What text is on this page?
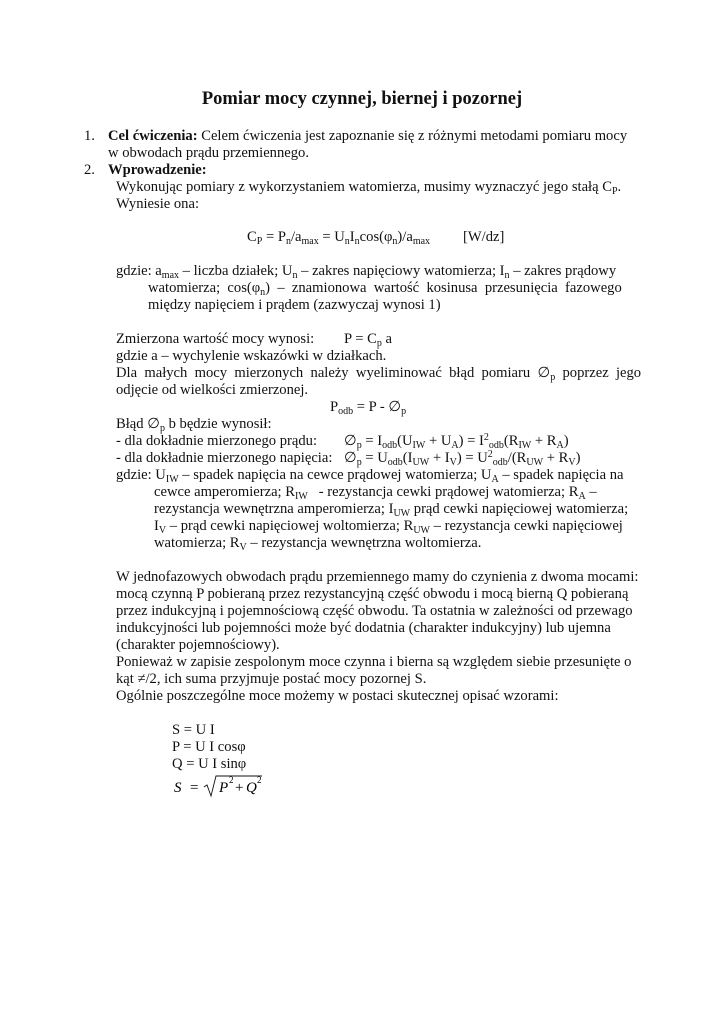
Pomiar mocy czynnej, biernej i pozornej
1. Cel ćwiczenia: Celem ćwiczenia jest zapoznanie się z różnymi metodami pomiaru mocy
w obwodach prądu przemiennego.
2. Wprowadzenie:
Wykonując pomiary z wykorzystaniem watomierza, musimy wyznaczyć jego stałą $C_P$.
Wyniesie ona:
$C_P = P_n/a_{max} = U_nI_n\cos(\varphi_n)/a_{max}$ [W/dz]
gdzie: $a_{max}$ – liczba działek; $U_n$ – zakres napięciowy watomierza; $I_n$ – zakres prądowy
watomierza;  $\cos(\varphi_n)$  –  znamionowa  wartość  kosinusa  przesunięcia  fazowego
między napięciem i prądem (zazwyczaj wynosi 1)
Zmierzona wartość mocy wynosi: $P = C_p$ a
gdzie a – wychylenie wskazówki w działkach.
Dla  małych  mocy  mierzonych  należy  wyeliminować  błąd  pomiaru  $\emptyset_p$  poprzez  jego
odjęcie od wielkości zmierzonej.
$P_{odb} = P$ - $\emptyset_p$
Błąd $\emptyset_p$ b będzie wynosił:
- dla dokładnie mierzonego prądu: $\emptyset_p = I_{odb}(U_{IW} + U_A) = I^2_{odb}(R_{IW} + R_A)$
- dla dokładnie mierzonego napięcia: $\emptyset_p = U_{odb}(I_{UW} + I_V) = U^2_{odb}/(R_{UW} + R_V)$
gdzie: $U_{IW}$ – spadek napięcia na cewce prądowej watomierza; $U_A$ – spadek napięcia na
cewce amperomierza; $R_{IW}$   - rezystancja cewki prądowej watomierza; $R_A$ –
rezystancja wewnętrzna amperomierza; $I_{UW}$ prąd cewki napięciowej watomierza;
$I_V$ – prąd cewki napięciowej woltomierza; $R_{UW}$ – rezystancja cewki napięciowej
watomierza; $R_V$ – rezystancja wewnętrzna woltomierza.
W jednofazowych obwodach prądu przemiennego mamy do czynienia z dwoma mocami:
mocą czynną P pobieraną przez rezystancyjną część obwodu i mocą bierną Q pobieraną
przez indukcyjną i pojemnościową część obwodu. Ta ostatnia w zależności od przewago
indukcyjności lub pojemności może być dodatnia (charakter indukcyjny) lub ujemna
(charakter pojemnościowy).
Ponieważ w zapisie zespolonym moce czynna i bierna są względem siebie przesunięte o
kąt ≠/2, ich suma przyjmuje postać mocy pozornej S.
Ogólnie poszczególne moce możemy w postaci skutecznej opisać wzorami:
S = U I
P = U I cosφ
Q = U I sinφ
S = P 2 + Q 2
